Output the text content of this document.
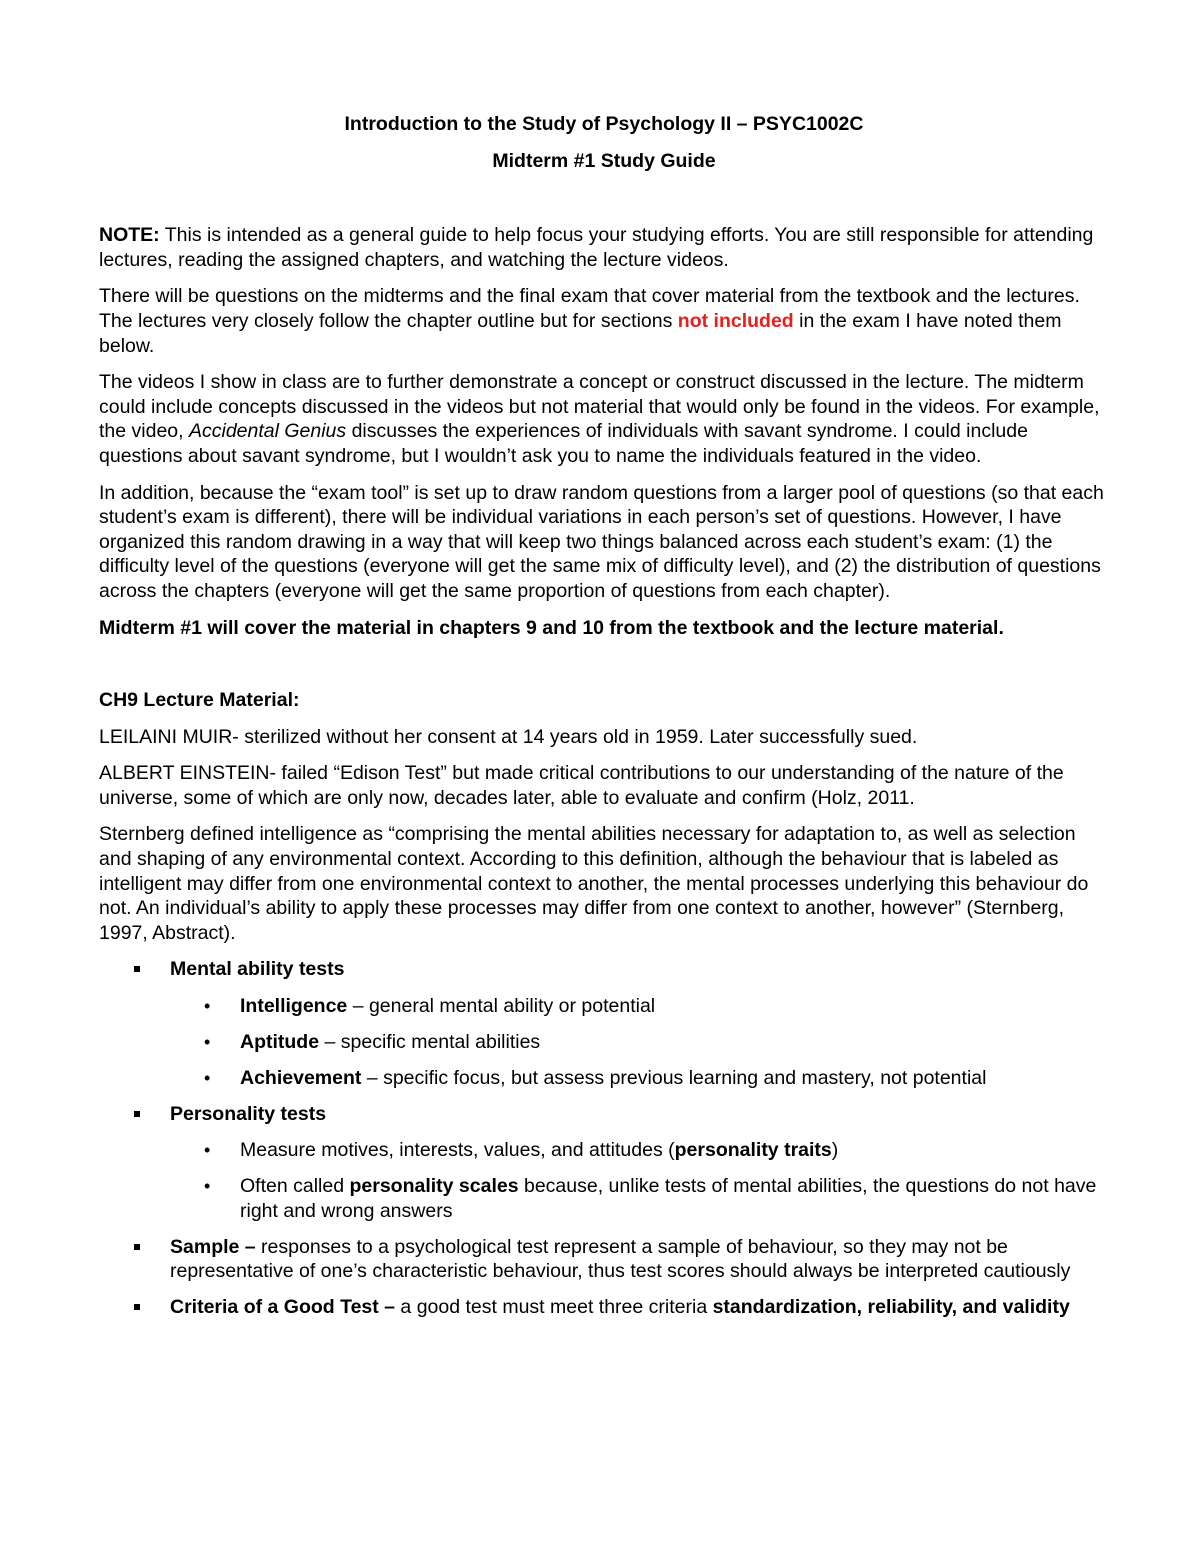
Introduction to the Study of Psychology II – PSYC1002C

Midterm #1 Study Guide

NOTE: This is intended as a general guide to help focus your studying efforts. You are still responsible for attending lectures, reading the assigned chapters, and watching the lecture videos.

There will be questions on the midterms and the final exam that cover material from the textbook and the lectures. The lectures very closely follow the chapter outline but for sections not included in the exam I have noted them below.

The videos I show in class are to further demonstrate a concept or construct discussed in the lecture. The midterm could include concepts discussed in the videos but not material that would only be found in the videos. For example, the video, Accidental Genius discusses the experiences of individuals with savant syndrome. I could include questions about savant syndrome, but I wouldn’t ask you to name the individuals featured in the video.

In addition, because the “exam tool” is set up to draw random questions from a larger pool of questions (so that each student’s exam is different), there will be individual variations in each person’s set of questions. However, I have organized this random drawing in a way that will keep two things balanced across each student’s exam: (1) the difficulty level of the questions (everyone will get the same mix of difficulty level), and (2) the distribution of questions across the chapters (everyone will get the same proportion of questions from each chapter).

Midterm #1 will cover the material in chapters 9 and 10 from the textbook and the lecture material.

CH9 Lecture Material:

LEILAINI MUIR- sterilized without her consent at 14 years old in 1959. Later successfully sued.

ALBERT EINSTEIN- failed “Edison Test” but made critical contributions to our understanding of the nature of the universe, some of which are only now, decades later, able to evaluate and confirm (Holz, 2011.

Sternberg defined intelligence as “comprising the mental abilities necessary for adaptation to, as well as selection and shaping of any environmental context. According to this definition, although the behaviour that is labeled as intelligent may differ from one environmental context to another, the mental processes underlying this behaviour do not. An individual’s ability to apply these processes may differ from one context to another, however” (Sternberg, 1997, Abstract).

Mental ability tests
• Intelligence – general mental ability or potential
• Aptitude – specific mental abilities
• Achievement – specific focus, but assess previous learning and mastery, not potential
Personality tests
• Measure motives, interests, values, and attitudes (personality traits)
• Often called personality scales because, unlike tests of mental abilities, the questions do not have right and wrong answers
Sample – responses to a psychological test represent a sample of behaviour, so they may not be representative of one’s characteristic behaviour, thus test scores should always be interpreted cautiously
Criteria of a Good Test – a good test must meet three criteria standardization, reliability, and validity
